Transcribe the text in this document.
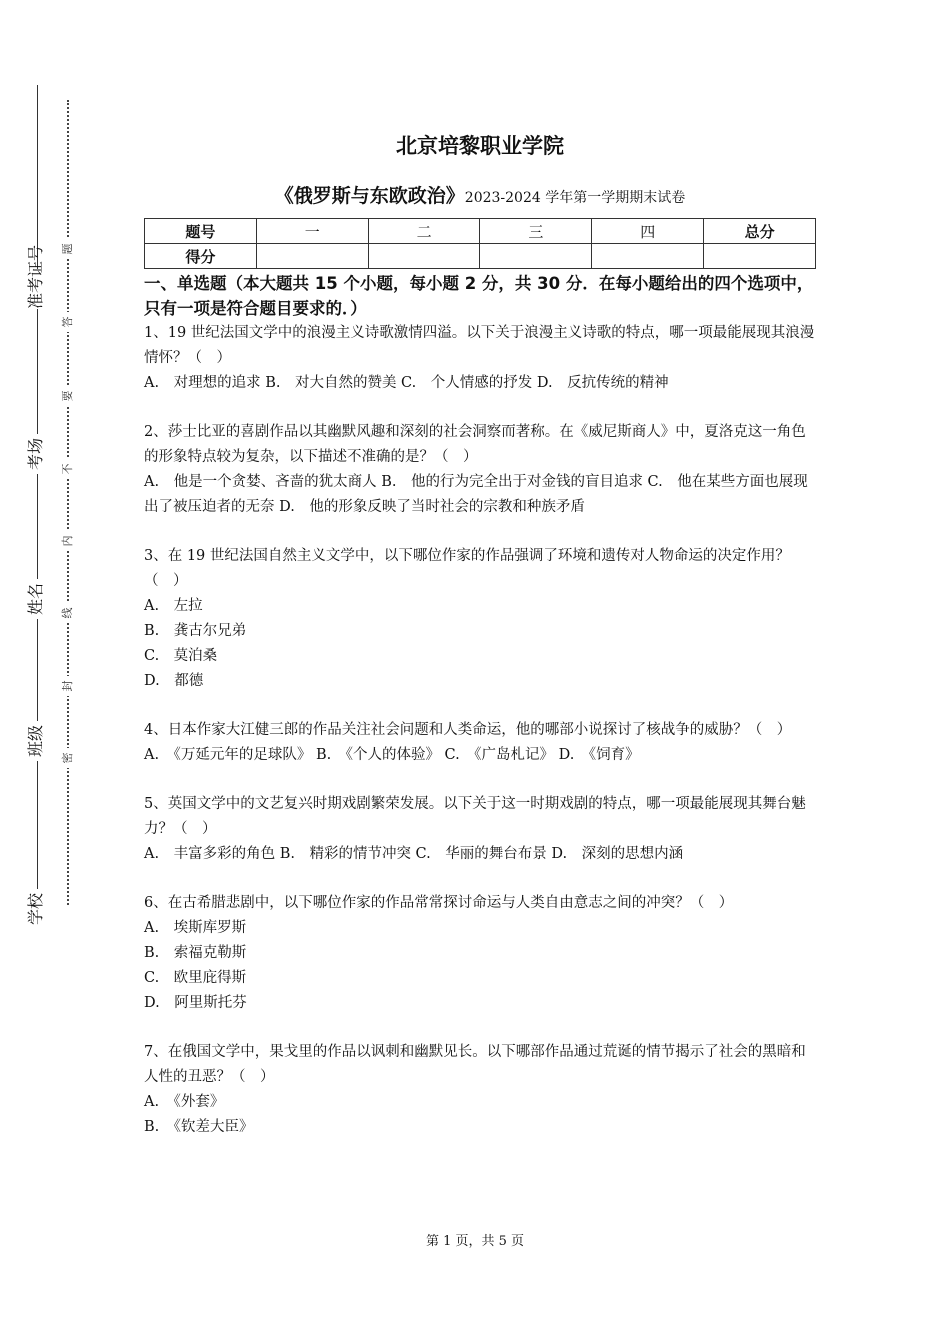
准考证号
考场
姓名
班级
学校
题
答
要
不
内
线
封
密
北京培黎职业学院
《俄罗斯与东欧政治》2023-2024 学年第一学期期末试卷
题号	一	二	三	四	总分
得分					
一、单选题（本大题共 15 个小题，每小题 2 分，共 30 分．在每小题给出的四个选项中，只有一项是符合题目要求的．）

1、19 世纪法国文学中的浪漫主义诗歌激情四溢。以下关于浪漫主义诗歌的特点，哪一项最能展现其浪漫情怀？（　）

A.　对理想的追求 B.　对大自然的赞美 C.　个人情感的抒发 D.　反抗传统的精神

2、莎士比亚的喜剧作品以其幽默风趣和深刻的社会洞察而著称。在《威尼斯商人》中，夏洛克这一角色的形象特点较为复杂，以下描述不准确的是？（　）

A.　他是一个贪婪、吝啬的犹太商人 B.　他的行为完全出于对金钱的盲目追求 C.　他在某些方面也展现出了被压迫者的无奈 D.　他的形象反映了当时社会的宗教和种族矛盾

3、在 19 世纪法国自然主义文学中，以下哪位作家的作品强调了环境和遗传对人物命运的决定作用？（　）

A.　左拉

B.　龚古尔兄弟

C.　莫泊桑

D.　都德

4、日本作家大江健三郎的作品关注社会问题和人类命运，他的哪部小说探讨了核战争的威胁？（　）

A.　《万延元年的足球队》 B.　《个人的体验》 C.　《广岛札记》 D.　《饲育》

5、英国文学中的文艺复兴时期戏剧繁荣发展。以下关于这一时期戏剧的特点，哪一项最能展现其舞台魅力？（　）

A.　丰富多彩的角色 B.　精彩的情节冲突 C.　华丽的舞台布景 D.　深刻的思想内涵

6、在古希腊悲剧中，以下哪位作家的作品常常探讨命运与人类自由意志之间的冲突？（　）

A.　埃斯库罗斯

B.　索福克勒斯

C.　欧里庇得斯

D.　阿里斯托芬

7、在俄国文学中，果戈里的作品以讽刺和幽默见长。以下哪部作品通过荒诞的情节揭示了社会的黑暗和人性的丑恶？（　）

A.　《外套》

B.　《钦差大臣》

第 1 页，共 5 页
